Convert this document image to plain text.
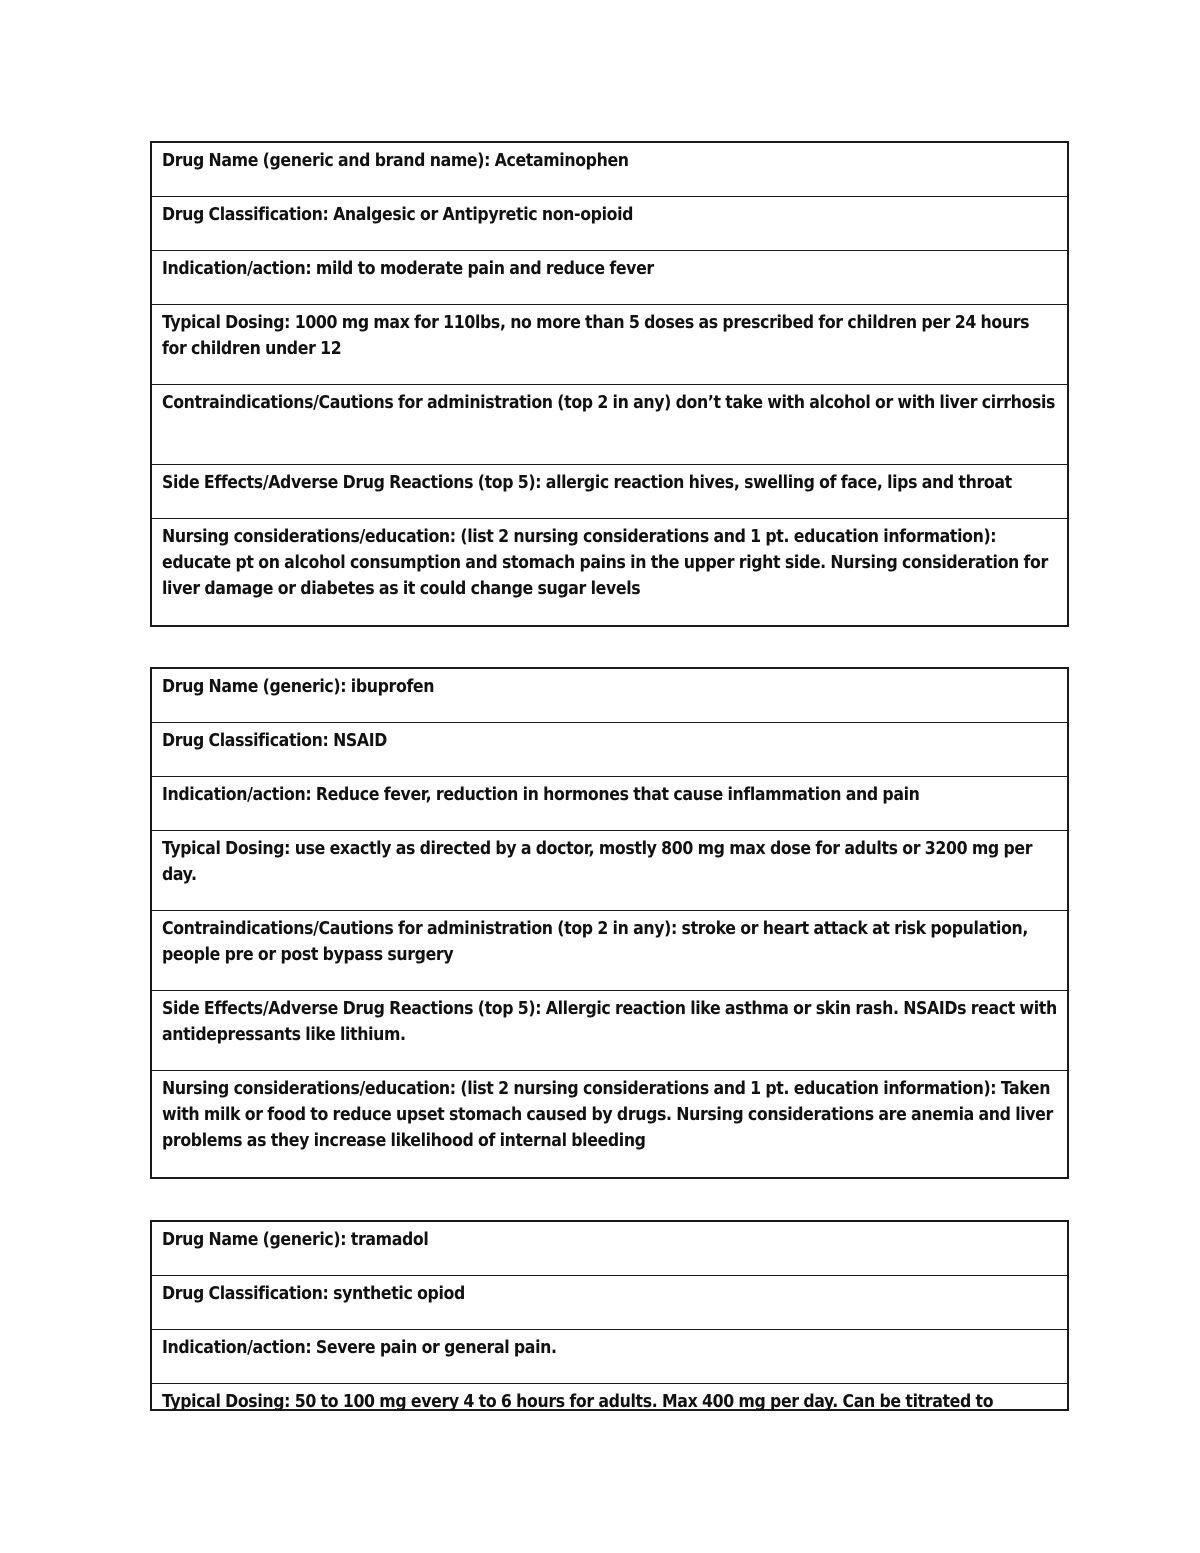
Drug Name (generic and brand name): Acetaminophen
Drug Classification: Analgesic or Antipyretic non-opioid
Indication/action: mild to moderate pain and reduce fever
Typical Dosing: 1000 mg max for 110lbs, no more than 5 doses as prescribed for children per 24 hours for children under 12
Contraindications/Cautions for administration (top 2 in any) don’t take with alcohol or with liver cirrhosis
Side Effects/Adverse Drug Reactions (top 5): allergic reaction hives, swelling of face, lips and throat
Nursing considerations/education: (list 2 nursing considerations and 1 pt. education information): educate pt on alcohol consumption and stomach pains in the upper right side. Nursing consideration for liver damage or diabetes as it could change sugar levels
Drug Name (generic): ibuprofen
Drug Classification: NSAID
Indication/action: Reduce fever, reduction in hormones that cause inflammation and pain
Typical Dosing: use exactly as directed by a doctor, mostly 800 mg max dose for adults or 3200 mg per day.
Contraindications/Cautions for administration (top 2 in any): stroke or heart attack at risk population, people pre or post bypass surgery
Side Effects/Adverse Drug Reactions (top 5): Allergic reaction like asthma or skin rash. NSAIDs react with antidepressants like lithium.
Nursing considerations/education: (list 2 nursing considerations and 1 pt. education information): Taken with milk or food to reduce upset stomach caused by drugs. Nursing considerations are anemia and liver problems as they increase likelihood of internal bleeding
Drug Name (generic): tramadol
Drug Classification: synthetic opiod
Indication/action: Severe pain or general pain.
Typical Dosing: 50 to 100 mg every 4 to 6 hours for adults. Max 400 mg per day. Can be titrated to
